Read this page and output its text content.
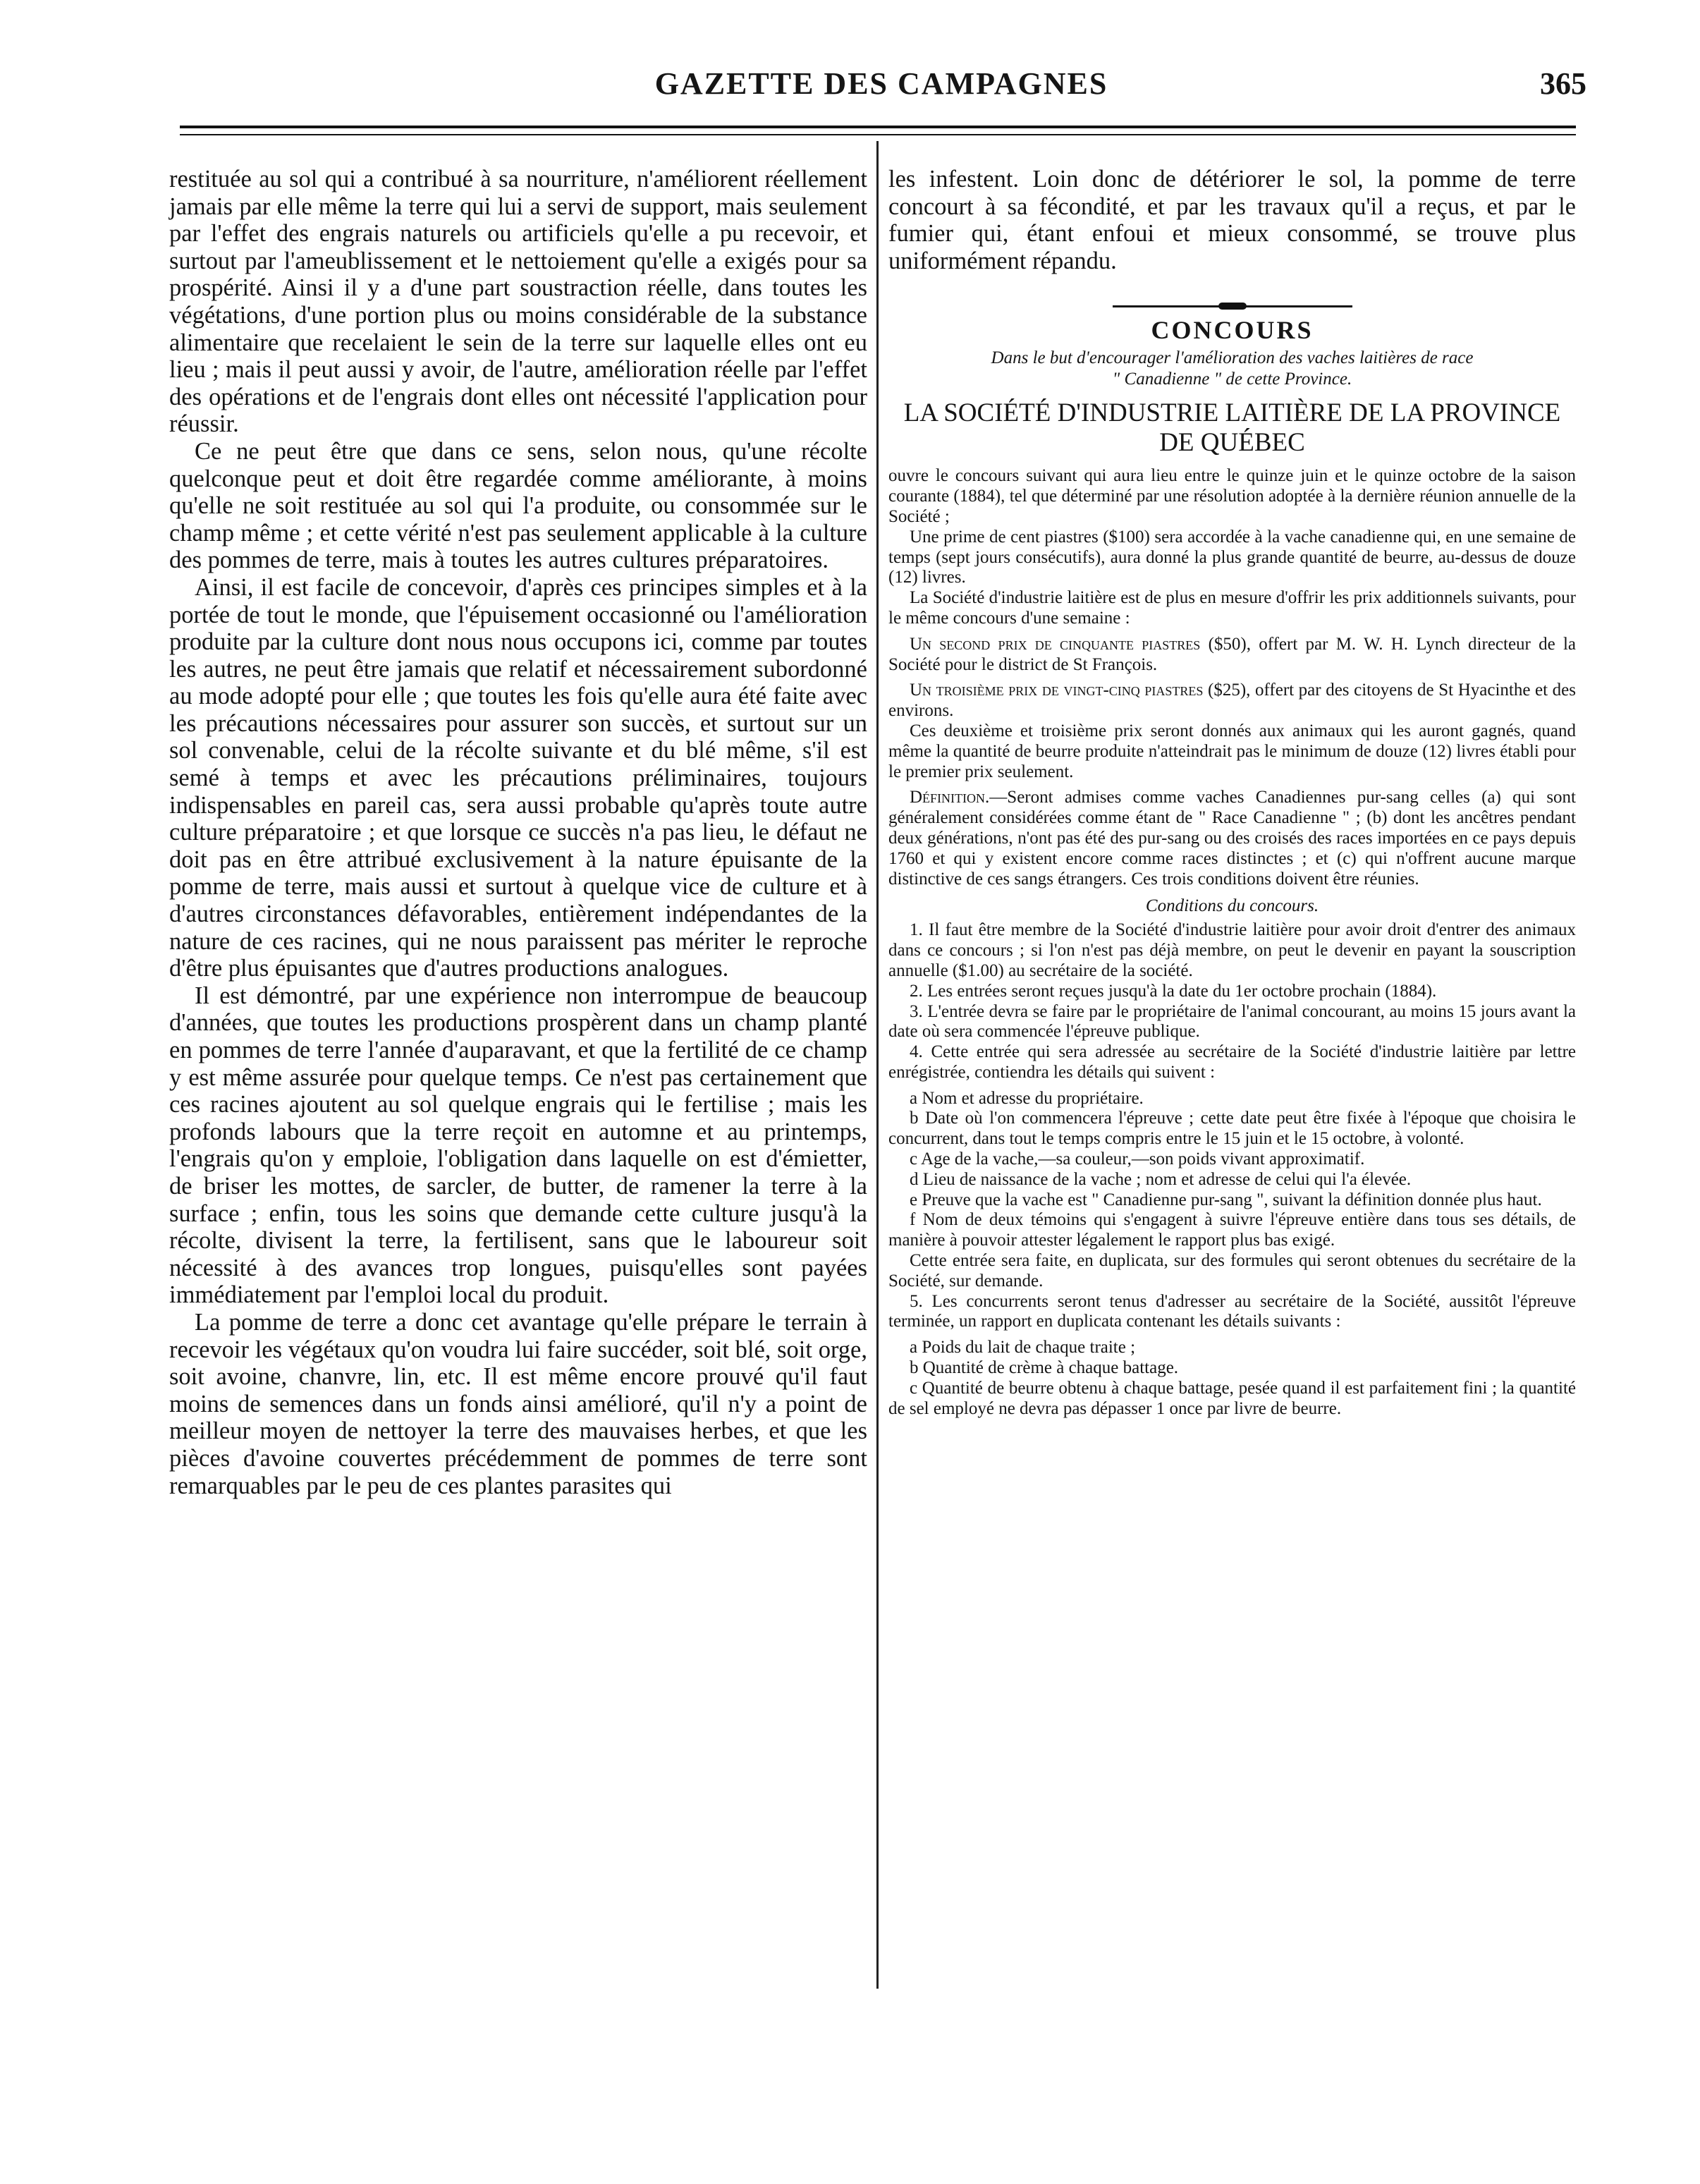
GAZETTE DES CAMPAGNES	365

restituée au sol qui a contribué à sa nourriture, n'améliorent réellement jamais par elle même la terre qui lui a servi de support, mais seulement par l'effet des engrais naturels ou artificiels qu'elle a pu recevoir, et surtout par l'ameublissement et le nettoiement qu'elle a exigés pour sa prospérité. Ainsi il y a d'une part soustraction réelle, dans toutes les végétations, d'une portion plus ou moins considérable de la substance alimentaire que recelaient le sein de la terre sur laquelle elles ont eu lieu ; mais il peut aussi y avoir, de l'autre, amélioration réelle par l'effet des opérations et de l'engrais dont elles ont nécessité l'application pour réussir.

Ce ne peut être que dans ce sens, selon nous, qu'une récolte quelconque peut et doit être regardée comme améliorante, à moins qu'elle ne soit restituée au sol qui l'a produite, ou consommée sur le champ même ; et cette vérité n'est pas seulement applicable à la culture des pommes de terre, mais à toutes les autres cultures préparatoires.

Ainsi, il est facile de concevoir, d'après ces principes simples et à la portée de tout le monde, que l'épuisement occasionné ou l'amélioration produite par la culture dont nous nous occupons ici, comme par toutes les autres, ne peut être jamais que relatif et nécessairement subordonné au mode adopté pour elle ; que toutes les fois qu'elle aura été faite avec les précautions nécessaires pour assurer son succès, et surtout sur un sol convenable, celui de la récolte suivante et du blé même, s'il est semé à temps et avec les précautions préliminaires, toujours indispensables en pareil cas, sera aussi probable qu'après toute autre culture préparatoire ; et que lorsque ce succès n'a pas lieu, le défaut ne doit pas en être attribué exclusivement à la nature épuisante de la pomme de terre, mais aussi et surtout à quelque vice de culture et à d'autres circonstances défavorables, entièrement indépendantes de la nature de ces racines, qui ne nous paraissent pas mériter le reproche d'être plus épuisantes que d'autres productions analogues.

Il est démontré, par une expérience non interrompue de beaucoup d'années, que toutes les productions prospèrent dans un champ planté en pommes de terre l'année d'auparavant, et que la fertilité de ce champ y est même assurée pour quelque temps. Ce n'est pas certainement que ces racines ajoutent au sol quelque engrais qui le fertilise ; mais les profonds labours que la terre reçoit en automne et au printemps, l'engrais qu'on y emploie, l'obligation dans laquelle on est d'émietter, de briser les mottes, de sarcler, de butter, de ramener la terre à la surface ; enfin, tous les soins que demande cette culture jusqu'à la récolte, divisent la terre, la fertilisent, sans que le laboureur soit nécessité à des avances trop longues, puisqu'elles sont payées immédiatement par l'emploi local du produit.

La pomme de terre a donc cet avantage qu'elle prépare le terrain à recevoir les végétaux qu'on voudra lui faire succéder, soit blé, soit orge, soit avoine, chanvre, lin, etc. Il est même encore prouvé qu'il faut moins de semences dans un fonds ainsi amélioré, qu'il n'y a point de meilleur moyen de nettoyer la terre des mauvaises herbes, et que les pièces d'avoine couvertes précédemment de pommes de terre sont remarquables par le peu de ces plantes parasites qui

les infestent. Loin donc de détériorer le sol, la pomme de terre concourt à sa fécondité, et par les travaux qu'il a reçus, et par le fumier qui, étant enfoui et mieux consommé, se trouve plus uniformément répandu.

CONCOURS
Dans le but d'encourager l'amélioration des vaches laitières de race
" Canadienne " de cette Province.
LA SOCIÉTÉ D'INDUSTRIE LAITIÈRE DE LA PROVINCE DE QUÉBEC

ouvre le concours suivant qui aura lieu entre le quinze juin et le quinze octobre de la saison courante (1884), tel que déterminé par une résolution adoptée à la dernière réunion annuelle de la Société ;

Une prime de cent piastres ($100) sera accordée à la vache canadienne qui, en une semaine de temps (sept jours consécutifs), aura donné la plus grande quantité de beurre, au-dessus de douze (12) livres.

La Société d'industrie laitière est de plus en mesure d'offrir les prix additionnels suivants, pour le même concours d'une semaine :

Un second prix de cinquante piastres ($50), offert par M. W. H. Lynch directeur de la Société pour le district de St François.

Un troisième prix de vingt-cinq piastres ($25), offert par des citoyens de St Hyacinthe et des environs.

Ces deuxième et troisième prix seront donnés aux animaux qui les auront gagnés, quand même la quantité de beurre produite n'atteindrait pas le minimum de douze (12) livres établi pour le premier prix seulement.

Définition.—Seront admises comme vaches Canadiennes pur-sang celles (a) qui sont généralement considérées comme étant de " Race Canadienne " ; (b) dont les ancêtres pendant deux générations, n'ont pas été des pur-sang ou des croisés des races importées en ce pays depuis 1760 et qui y existent encore comme races distinctes ; et (c) qui n'offrent aucune marque distinctive de ces sangs étrangers. Ces trois conditions doivent être réunies.

Conditions du concours.

1. Il faut être membre de la Société d'industrie laitière pour avoir droit d'entrer des animaux dans ce concours ; si l'on n'est pas déjà membre, on peut le devenir en payant la souscription annuelle ($1.00) au secrétaire de la société.

2. Les entrées seront reçues jusqu'à la date du 1er octobre prochain (1884).

3. L'entrée devra se faire par le propriétaire de l'animal concourant, au moins 15 jours avant la date où sera commencée l'épreuve publique.

4. Cette entrée qui sera adressée au secrétaire de la Société d'industrie laitière par lettre enrégistrée, contiendra les détails qui suivent :

a Nom et adresse du propriétaire.

b Date où l'on commencera l'épreuve ; cette date peut être fixée à l'époque que choisira le concurrent, dans tout le temps compris entre le 15 juin et le 15 octobre, à volonté.

c Age de la vache,—sa couleur,—son poids vivant approximatif.

d Lieu de naissance de la vache ; nom et adresse de celui qui l'a élevée.

e Preuve que la vache est " Canadienne pur-sang ", suivant la définition donnée plus haut.

f Nom de deux témoins qui s'engagent à suivre l'épreuve entière dans tous ses détails, de manière à pouvoir attester légalement le rapport plus bas exigé.

Cette entrée sera faite, en duplicata, sur des formules qui seront obtenues du secrétaire de la Société, sur demande.

5. Les concurrents seront tenus d'adresser au secrétaire de la Société, aussitôt l'épreuve terminée, un rapport en duplicata contenant les détails suivants :

a Poids du lait de chaque traite ;

b Quantité de crème à chaque battage.

c Quantité de beurre obtenu à chaque battage, pesée quand il est parfaitement fini ; la quantité de sel employé ne devra pas dépasser 1 once par livre de beurre.
